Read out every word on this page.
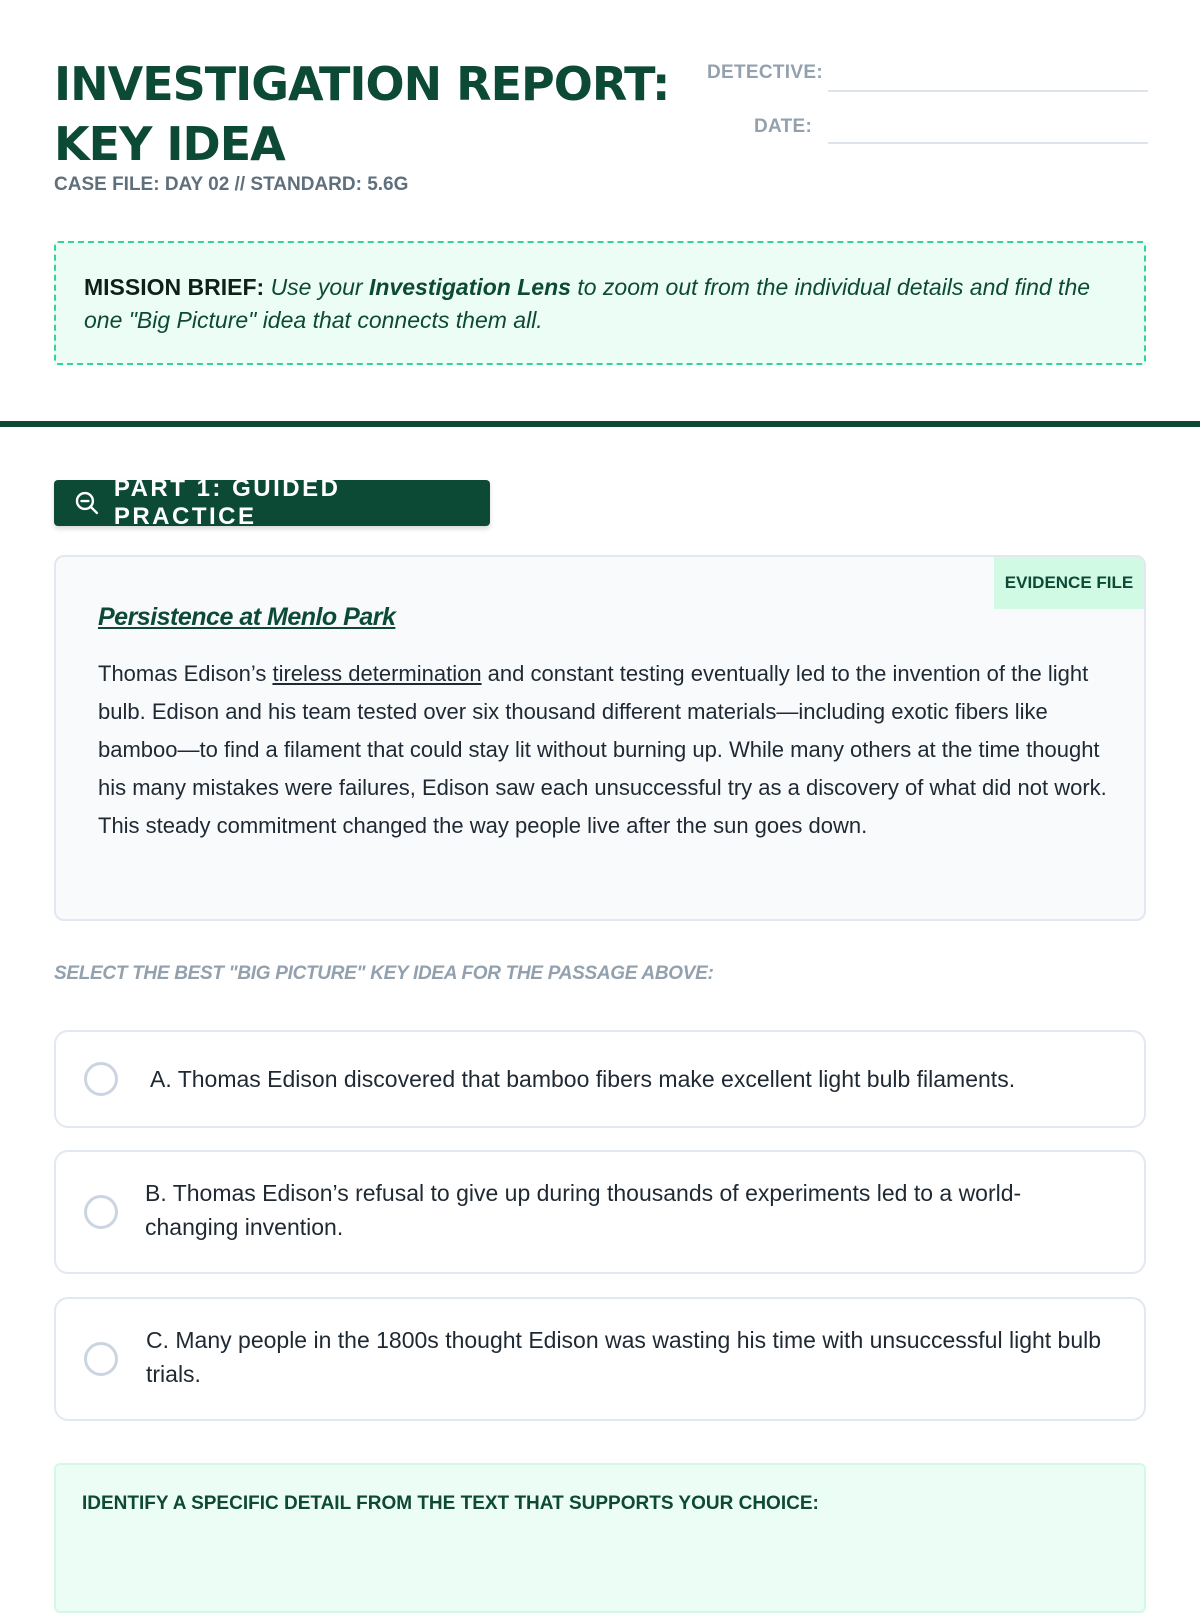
INVESTIGATION REPORT:
KEY IDEA
CASE FILE: DAY 02 // STANDARD: 5.6G
DETECTIVE:
DATE:
MISSION BRIEF: Use your Investigation Lens to zoom out from the individual details and find the one "Big Picture" idea that connects them all.
PART 1: GUIDED PRACTICE
EVIDENCE FILE
Persistence at Menlo Park

Thomas Edison’s tireless determination and constant testing eventually led to the invention of the light bulb. Edison and his team tested over six thousand different materials—including exotic fibers like bamboo—to find a filament that could stay lit without burning up. While many others at the time thought his many mistakes were failures, Edison saw each unsuccessful try as a discovery of what did not work. This steady commitment changed the way people live after the sun goes down.

SELECT THE BEST "BIG PICTURE" KEY IDEA FOR THE PASSAGE ABOVE:
A. Thomas Edison discovered that bamboo fibers make excellent light bulb filaments.
B. Thomas Edison’s refusal to give up during thousands of experiments led to a world-changing invention.
C. Many people in the 1800s thought Edison was wasting his time with unsuccessful light bulb trials.
IDENTIFY A SPECIFIC DETAIL FROM THE TEXT THAT SUPPORTS YOUR CHOICE:
